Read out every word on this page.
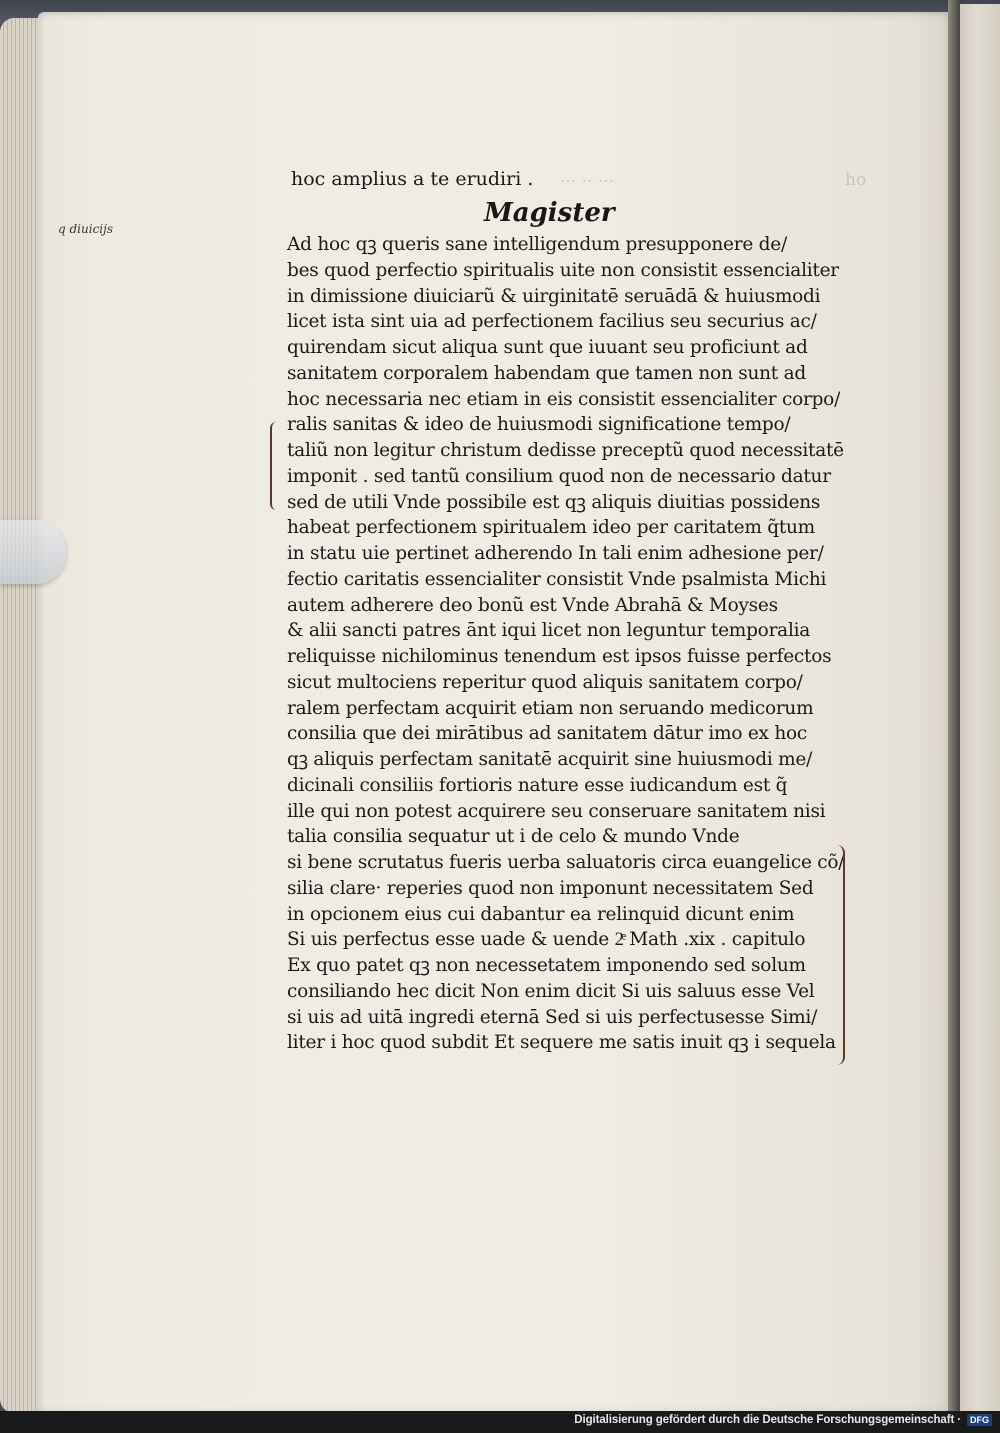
ho
··· ·· ···
q diuicijs
hoc amplius a te erudiri .
Magister
Ad hoc qꝫ queris sane intelligendum presupponere de/
bes quod perfectio spiritualis uite non consistit essencialiter
in dimissione diuiciarũ & uirginitatē seruādā & huiusmodi
licet ista sint uia ad perfectionem facilius seu securius ac/
quirendam sicut aliqua sunt que iuuant seu proficiunt ad
sanitatem corporalem habendam que tamen non sunt ad
hoc necessaria nec etiam in eis consistit essencialiter corpo/
ralis sanitas & ideo de huiusmodi significatione tempo/
taliũ non legitur christum dedisse preceptũ quod necessitatē
imponit . sed tantũ consilium quod non de necessario datur
sed de utili Vnde possibile est qꝫ aliquis diuitias possidens
habeat perfectionem spiritualem ideo per caritatem q̃tum
in statu uie pertinet adherendo In tali enim adhesione per/
fectio caritatis essencialiter consistit Vnde psalmista Michi
autem adherere deo bonũ est Vnde Abrahā & Moyses
& alii sancti patres ānt iqui licet non leguntur temporalia
reliquisse nichilominus tenendum est ipsos fuisse perfectos
sicut multociens reperitur quod aliquis sanitatem corpo/
ralem perfectam acquirit etiam non seruando medicorum
consilia que dei mirātibus ad sanitatem dātur imo ex hoc
qꝫ aliquis perfectam sanitatē acquirit sine huiusmodi me/
dicinali consiliis fortioris nature esse iudicandum est q̃
ille qui non potest acquirere seu conseruare sanitatem nisi
talia consilia sequatur ut i de celo & mundo Vnde
si bene scrutatus fueris uerba saluatoris circa euangelice cõ/
silia clare· reperies quod non imponunt necessitatem Sed
in opcionem eius cui dabantur ea relinquid dicunt enim
Si uis perfectus esse uade & uende 2ͤ Math .xix . capitulo
Ex quo patet qꝫ non necessetatem imponendo sed solum
consiliando hec dicit Non enim dicit Si uis saluus esse Vel
si uis ad uitā ingredi eternā Sed si uis perfectusesse Simi/
liter i hoc quod subdit Et sequere me satis inuit qꝫ i sequela
Digitalisierung gefördert durch die Deutsche Forschungsgemeinschaft ·	DFG
